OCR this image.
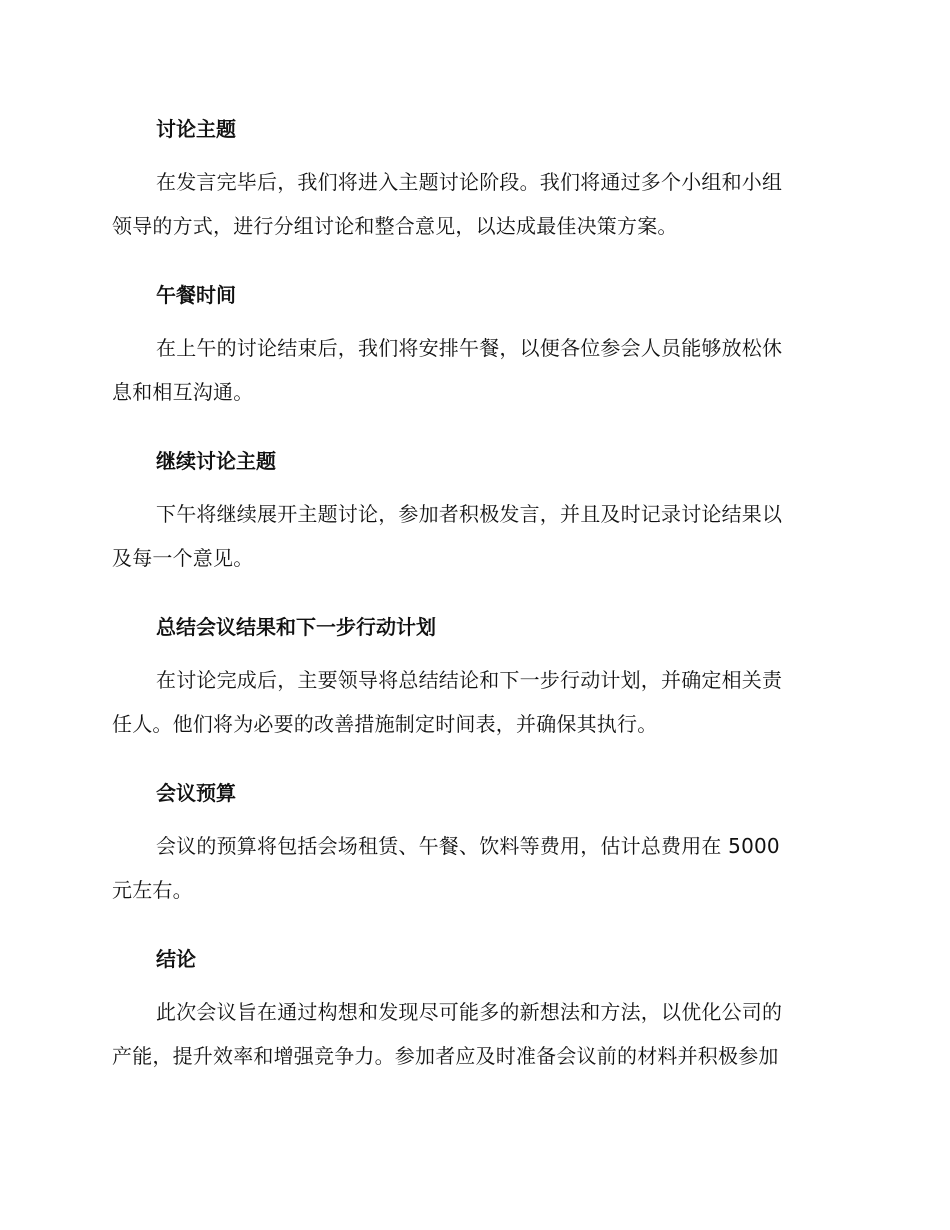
讨论主题
在发言完毕后，我们将进入主题讨论阶段。我们将通过多个小组和小组
领导的方式，进行分组讨论和整合意见，以达成最佳决策方案。
午餐时间
在上午的讨论结束后，我们将安排午餐，以便各位参会人员能够放松休
息和相互沟通。
继续讨论主题
下午将继续展开主题讨论，参加者积极发言，并且及时记录讨论结果以
及每一个意见。
总结会议结果和下一步行动计划
在讨论完成后，主要领导将总结结论和下一步行动计划，并确定相关责
任人。他们将为必要的改善措施制定时间表，并确保其执行。
会议预算
会议的预算将包括会场租赁、午餐、饮料等费用，估计总费用在 5000
元左右。
结论
此次会议旨在通过构想和发现尽可能多的新想法和方法，以优化公司的
产能，提升效率和增强竞争力。参加者应及时准备会议前的材料并积极参加
